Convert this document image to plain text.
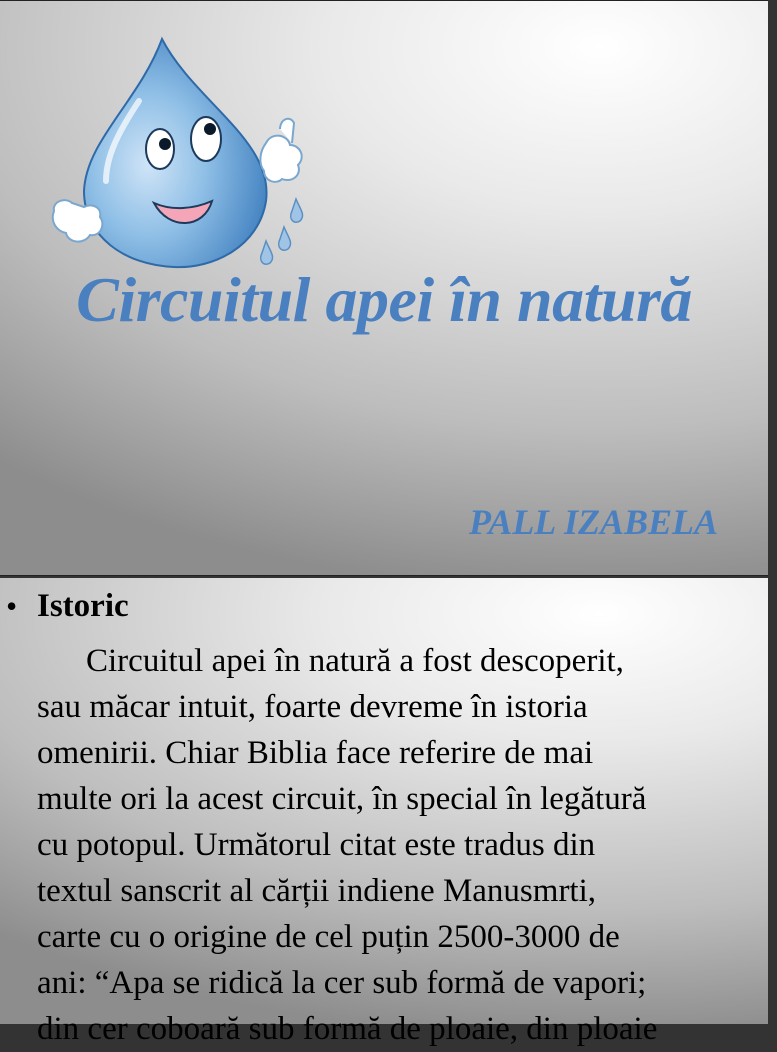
Circuitul apei în natură
PALL IZABELA
• Istoric
Circuitul apei în natură a fost descoperit,
sau măcar intuit, foarte devreme în istoria
omenirii. Chiar Biblia face referire de mai
multe ori la acest circuit, în special în legătură
cu potopul. Următorul citat este tradus din
textul sanscrit al cărții indiene Manusmrti,
carte cu o origine de cel puțin 2500-3000 de
ani: “Apa se ridică la cer sub formă de vapori;
din cer coboară sub formă de ploaie, din ploaie
